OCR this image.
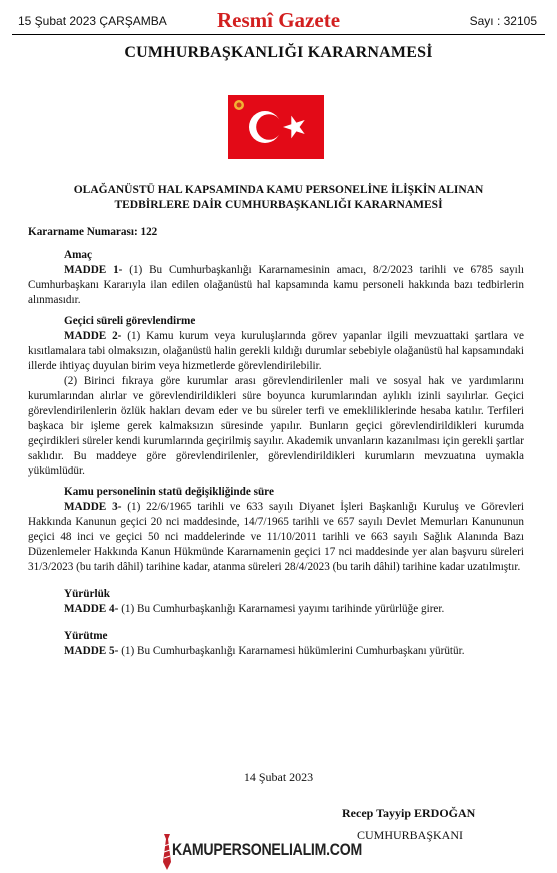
15 Şubat 2023 ÇARŞAMBA	Resmî Gazete	Sayı : 32105
CUMHURBAŞKANLIĞI KARARNAMESİ
OLAĞANÜSTÜ HAL KAPSAMINDA KAMU PERSONELİNE İLİŞKİN ALINAN
TEDBİRLERE DAİR CUMHURBAŞKANLIĞI KARARNAMESİ
Kararname Numarası: 122
Amaç

MADDE 1- (1) Bu Cumhurbaşkanlığı Kararnamesinin amacı, 8/2/2023 tarihli ve 6785 sayılı Cumhurbaşkanı Kararıyla ilan edilen olağanüstü hal kapsamında kamu personeli hakkında bazı tedbirlerin alınmasıdır.

Geçici süreli görevlendirme

MADDE 2- (1) Kamu kurum veya kuruluşlarında görev yapanlar ilgili mevzuattaki şartlara ve kısıtlamalara tabi olmaksızın, olağanüstü halin gerekli kıldığı durumlar sebebiyle olağanüstü hal kapsamındaki illerde ihtiyaç duyulan birim veya hizmetlerde görevlendirilebilir.

(2) Birinci fıkraya göre kurumlar arası görevlendirilenler mali ve sosyal hak ve yardımlarını kurumlarından alırlar ve görevlendirildikleri süre boyunca kurumlarından aylıklı izinli sayılırlar. Geçici görevlendirilenlerin özlük hakları devam eder ve bu süreler terfi ve emekliliklerinde hesaba katılır. Terfileri başkaca bir işleme gerek kalmaksızın süresinde yapılır. Bunların geçici görevlendirildikleri kurumda geçirdikleri süreler kendi kurumlarında geçirilmiş sayılır. Akademik unvanların kazanılması için gerekli şartlar saklıdır. Bu maddeye göre görevlendirilenler, görevlendirildikleri kurumların mevzuatına uymakla yükümlüdür.

Kamu personelinin statü değişikliğinde süre

MADDE 3- (1) 22/6/1965 tarihli ve 633 sayılı Diyanet İşleri Başkanlığı Kuruluş ve Görevleri Hakkında Kanunun geçici 20 nci maddesinde, 14/7/1965 tarihli ve 657 sayılı Devlet Memurları Kanununun geçici 48 inci ve geçici 50 nci maddelerinde ve 11/10/2011 tarihli ve 663 sayılı Sağlık Alanında Bazı Düzenlemeler Hakkında Kanun Hükmünde Kararnamenin geçici 17 nci maddesinde yer alan başvuru süreleri 31/3/2023 (bu tarih dâhil) tarihine kadar, atanma süreleri 28/4/2023 (bu tarih dâhil) tarihine kadar uzatılmıştır.

Yürürlük

MADDE 4- (1) Bu Cumhurbaşkanlığı Kararnamesi yayımı tarihinde yürürlüğe girer.

Yürütme

MADDE 5- (1) Bu Cumhurbaşkanlığı Kararnamesi hükümlerini Cumhurbaşkanı yürütür.

14 Şubat 2023
Recep Tayyip ERDOĞAN
CUMHURBAŞKANI
KAMUPERSONELIALIM.COM
